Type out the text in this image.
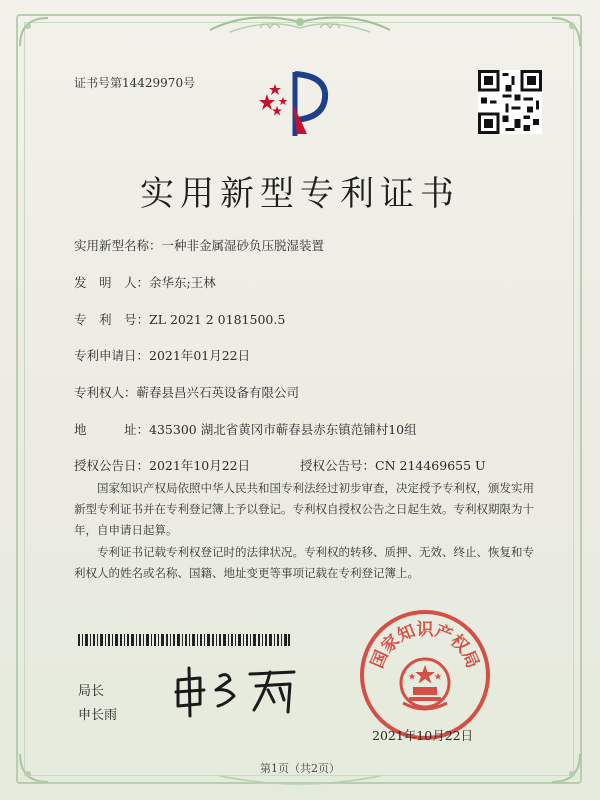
证书号第14429970号
实用新型专利证书
实用新型名称：一种非金属湿砂负压脱湿装置
发　明　人：余华东;王林
专　利　号：ZL 2021 2 0181500.5
专利申请日：2021年01月22日
专利权人：蕲春县昌兴石英设备有限公司
地　　　址：435300 湖北省黄冈市蕲春县赤东镇范铺村10组
授权公告日：2021年10月22日	授权公告号：CN 214469655 U
国家知识产权局依照中华人民共和国专利法经过初步审查，决定授予专利权，颁发实用新型专利证书并在专利登记簿上予以登记。专利权自授权公告之日起生效。专利权期限为十年，自申请日起算。
专利证书记载专利权登记时的法律状况。专利权的转移、质押、无效、终止、恢复和专利权人的姓名或名称、国籍、地址变更等事项记载在专利登记簿上。
局长
申长雨
国家知识产权局
2021年10月22日
第1页（共2页）
